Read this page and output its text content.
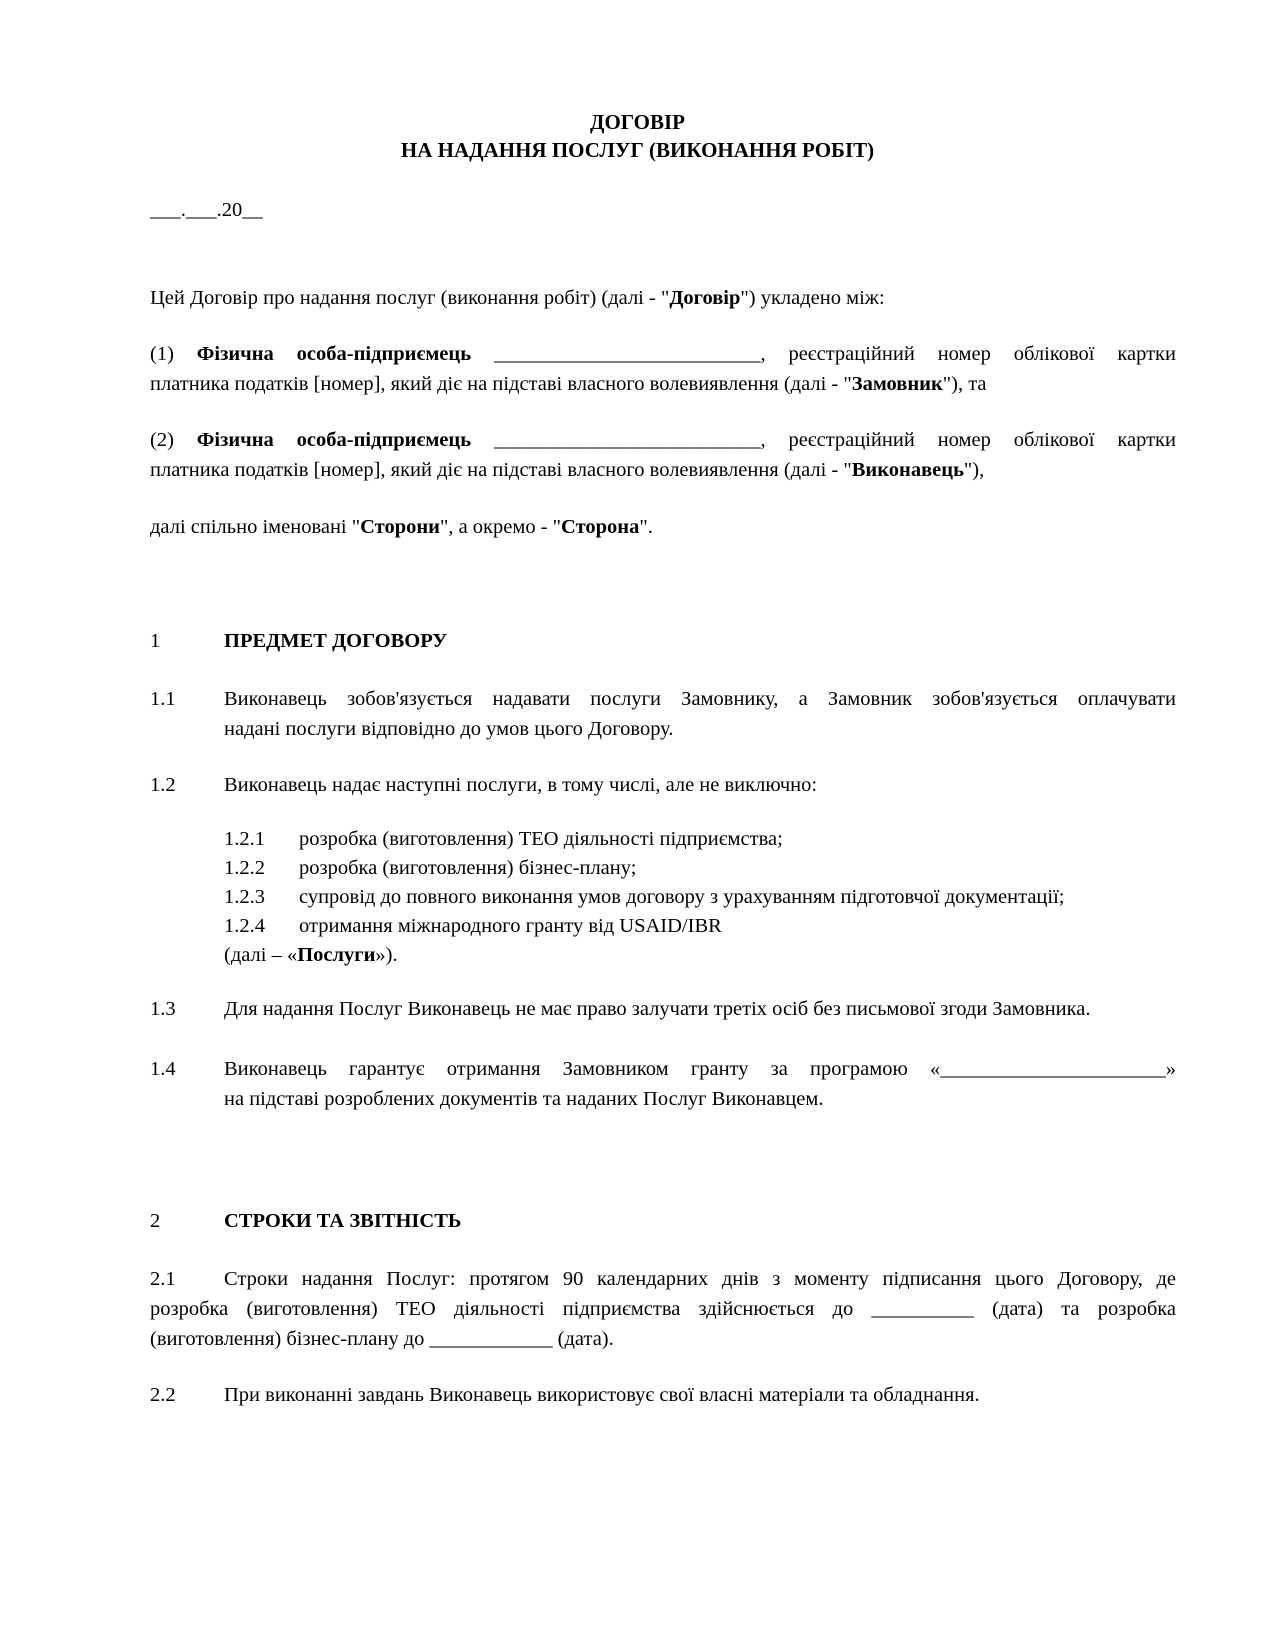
ДОГОВІР
НА НАДАННЯ ПОСЛУГ (ВИКОНАННЯ РОБІТ)
___.___.20__
Цей Договір про надання послуг (виконання робіт) (далі - "Договір") укладено між:
(1) Фізична особа-підприємець __________________________, реєстраційний номер облікової картки
платника податків [номер], який діє на підставі власного волевиявлення (далі - "Замовник"), та
(2) Фізична особа-підприємець __________________________, реєстраційний номер облікової картки
платника податків [номер], який діє на підставі власного волевиявлення (далі - "Виконавець"),
далі спільно іменовані "Сторони", а окремо - "Сторона".
1	ПРЕДМЕТ ДОГОВОРУ
1.1 Виконавець зобов'язується надавати послуги Замовнику, а Замовник зобов'язується оплачувати
надані послуги відповідно до умов цього Договору.
1.2 Виконавець надає наступні послуги, в тому числі, але не виключно:
1.2.1 розробка (виготовлення) ТЕО діяльності підприємства;
1.2.2 розробка (виготовлення) бізнес-плану;
1.2.3 супровід до повного виконання умов договору з урахуванням підготовчої документації;
1.2.4 отримання міжнародного гранту від USAID/IBR
(далі – «Послуги»).
1.3 Для надання Послуг Виконавець не має право залучати третіх осіб без письмової згоди Замовника.
1.4 Виконавець гарантує отримання Замовником гранту за програмою «______________________»
на підставі розроблених документів та наданих Послуг Виконавцем.
2	СТРОКИ ТА ЗВІТНІСТЬ
2.1 Строки надання Послуг: протягом 90 календарних днів з моменту підписання цього Договору, де
розробка (виготовлення) ТЕО діяльності підприємства здійснюється до __________ (дата) та розробка
(виготовлення) бізнес-плану до ____________ (дата).
2.2 При виконанні завдань Виконавець використовує свої власні матеріали та обладнання.
